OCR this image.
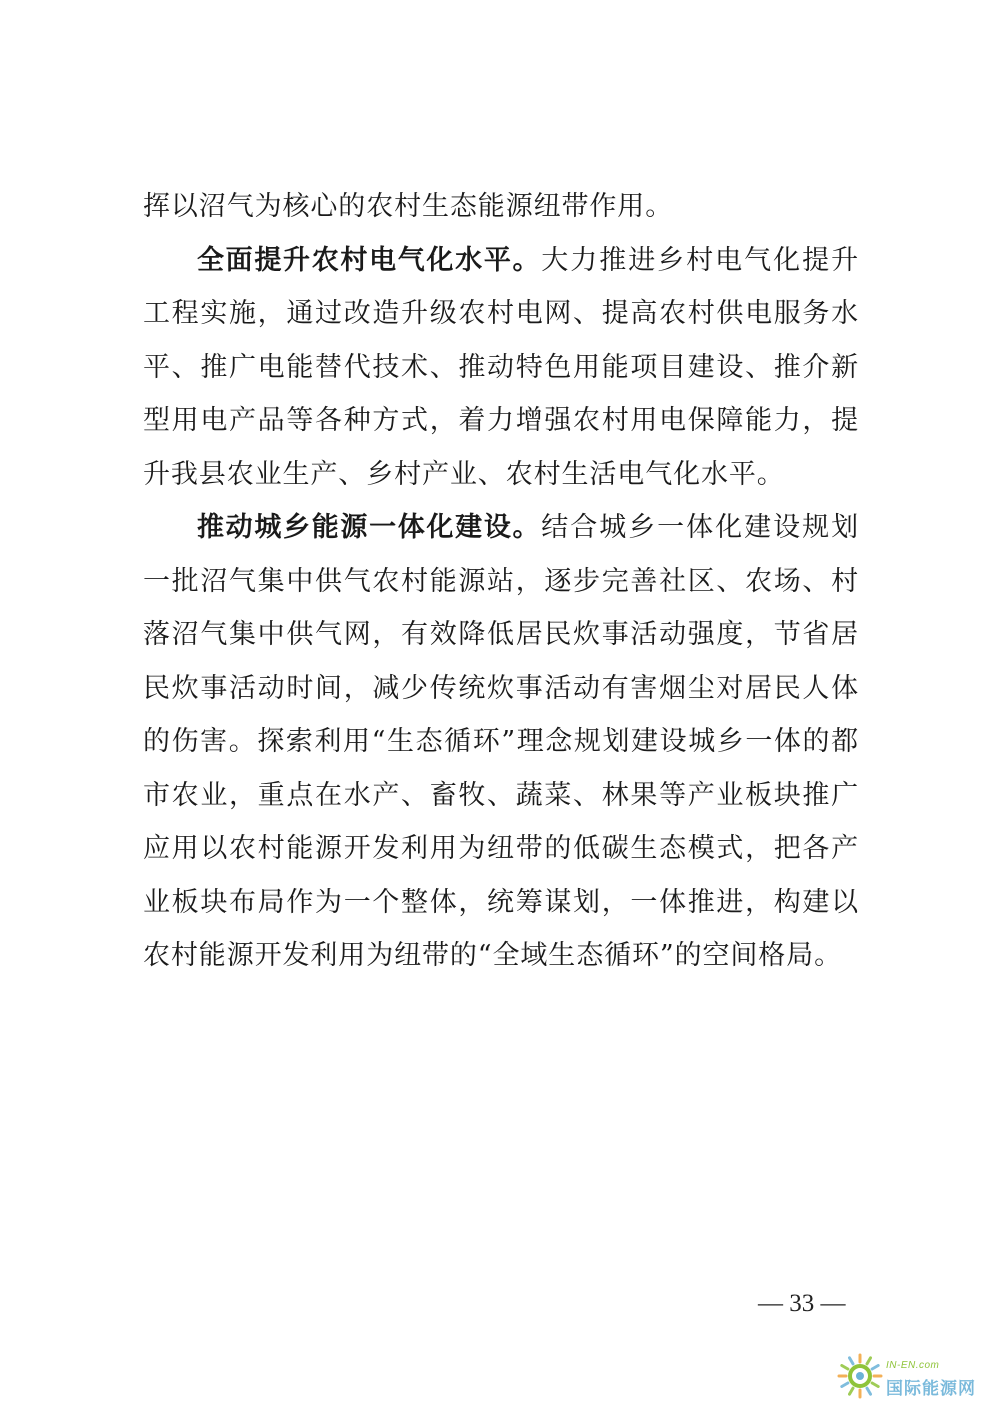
挥以沼气为核心的农村生态能源纽带作用。

全面提升农村电气化水平。大力推进乡村电气化提升工程实施，通过改造升级农村电网、提高农村供电服务水平、推广电能替代技术、推动特色用能项目建设、推介新型用电产品等各种方式，着力增强农村用电保障能力，提升我县农业生产、乡村产业、农村生活电气化水平。

推动城乡能源一体化建设。结合城乡一体化建设规划一批沼气集中供气农村能源站，逐步完善社区、农场、村落沼气集中供气网，有效降低居民炊事活动强度，节省居民炊事活动时间，减少传统炊事活动有害烟尘对居民人体的伤害。探索利用“生态循环”理念规划建设城乡一体的都市农业，重点在水产、畜牧、蔬菜、林果等产业板块推广应用以农村能源开发利用为纽带的低碳生态模式，把各产业板块布局作为一个整体，统筹谋划，一体推进，构建以农村能源开发利用为纽带的“全域生态循环”的空间格局。

— 33 —
IN-EN.com
国际能源网
